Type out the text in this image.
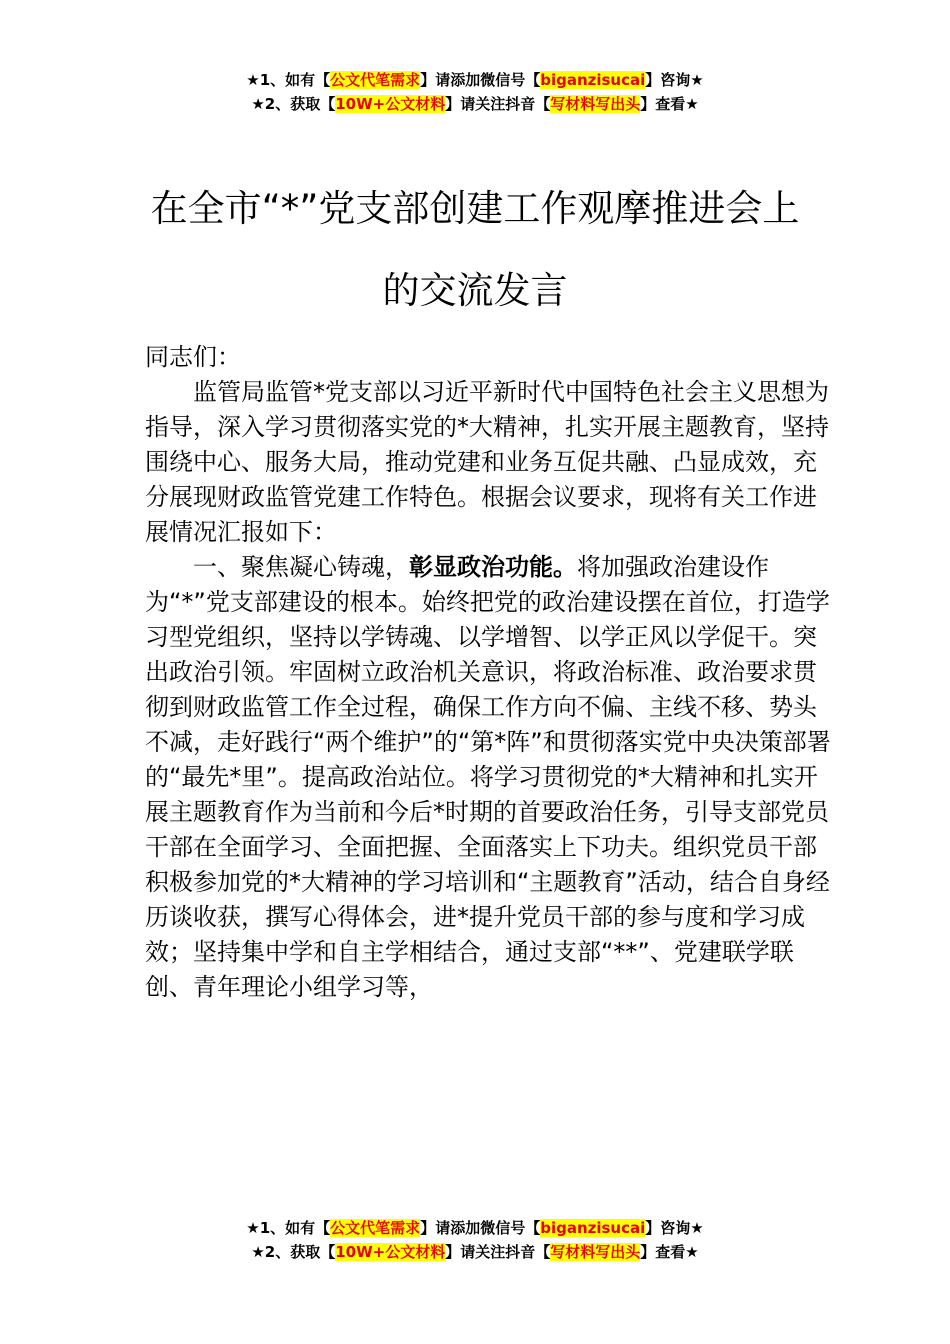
★1、如有【公文代笔需求】请添加微信号【biganzisucai】咨询★
★2、获取【10W+公文材料】请关注抖音【写材料写出头】查看★
在全市“*”党支部创建工作观摩推进会上
的交流发言

同志们：

监管局监管*党支部以习近平新时代中国特色社会主义思想为指导，深入学习贯彻落实党的*大精神，扎实开展主题教育，坚持围绕中心、服务大局，推动党建和业务互促共融、凸显成效，充分展现财政监管党建工作特色。根据会议要求，现将有关工作进展情况汇报如下：

一、聚焦凝心铸魂，彰显政治功能。将加强政治建设作为“*”党支部建设的根本。始终把党的政治建设摆在首位，打造学习型党组织，坚持以学铸魂、以学增智、以学正风以学促干。突出政治引领。牢固树立政治机关意识，将政治标准、政治要求贯彻到财政监管工作全过程，确保工作方向不偏、主线不移、势头不减，走好践行“两个维护”的“第*阵”和贯彻落实党中央决策部署的“最先*里”。提高政治站位。将学习贯彻党的*大精神和扎实开展主题教育作为当前和今后*时期的首要政治任务，引导支部党员干部在全面学习、全面把握、全面落实上下功夫。组织党员干部积极参加党的*大精神的学习培训和“主题教育”活动，结合自身经历谈收获，撰写心得体会，进*提升党员干部的参与度和学习成效；坚持集中学和自主学相结合，通过支部“**”、党建联学联创、青年理论小组学习等，

★1、如有【公文代笔需求】请添加微信号【biganzisucai】咨询★
★2、获取【10W+公文材料】请关注抖音【写材料写出头】查看★
